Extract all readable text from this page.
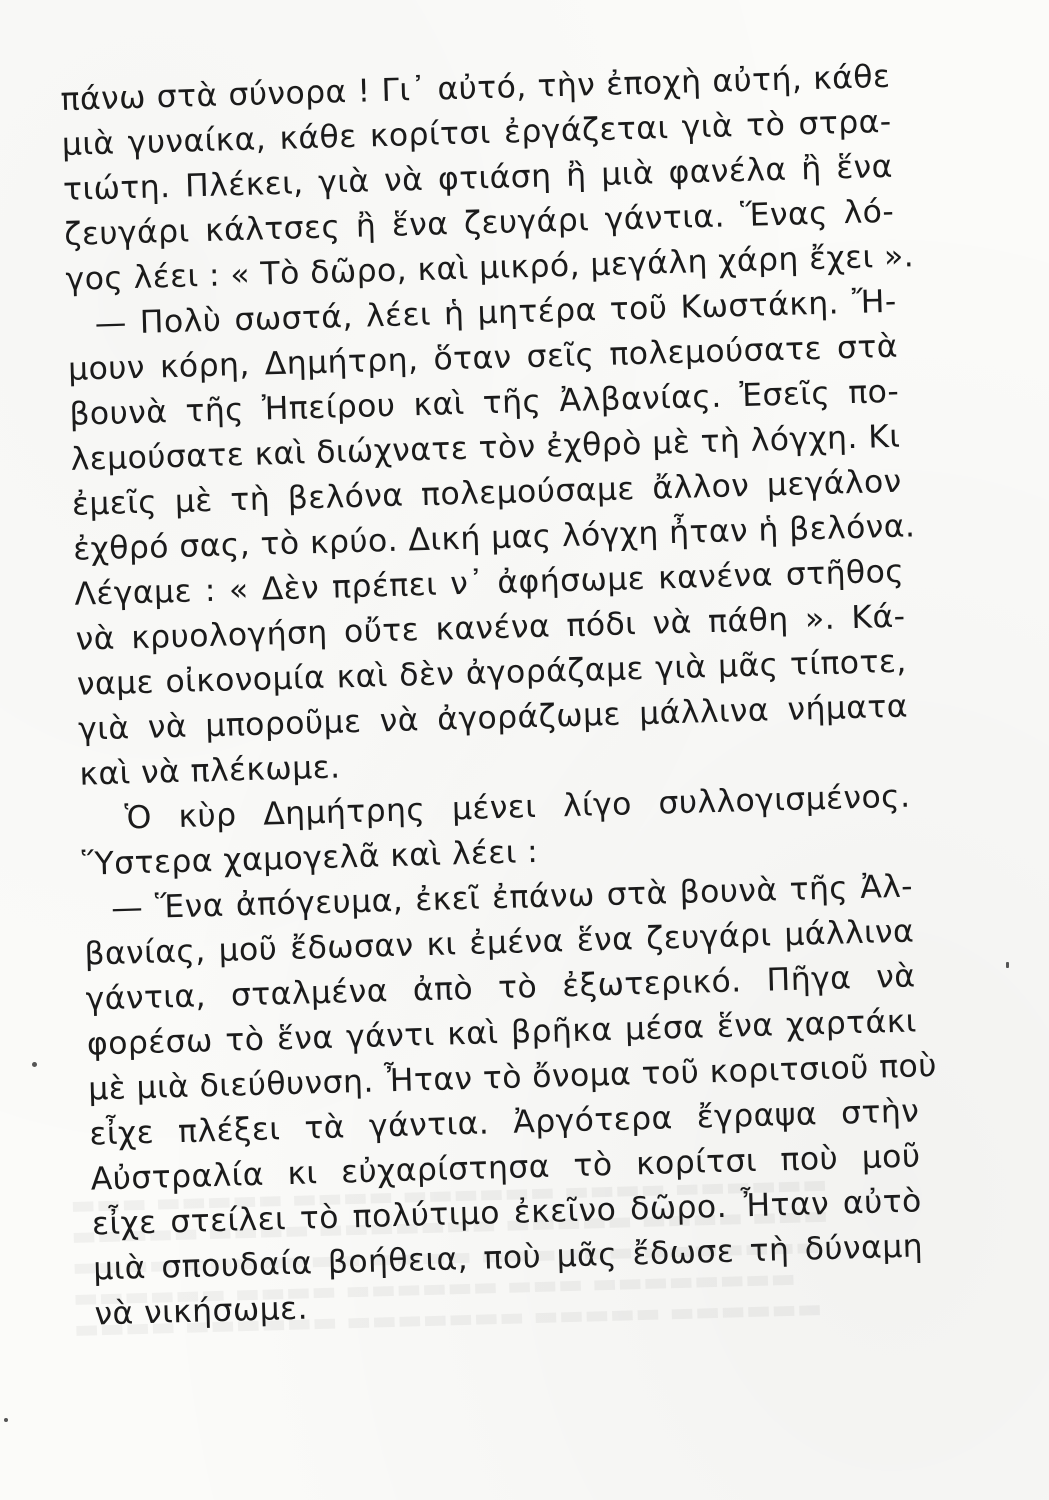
πάνω στὰ σύνορα ! Γι᾿ αὐτό, τὴν ἐποχὴ αὐτή, κάθε
μιὰ γυναίκα, κάθε κορίτσι ἐργάζεται γιὰ τὸ στρα-
τιώτη. Πλέκει, γιὰ νὰ φτιάση ἢ μιὰ φανέλα ἢ ἕνα
ζευγάρι κάλτσες ἢ ἕνα ζευγάρι γάντια. Ἕνας λό-
γος λέει : « Τὸ δῶρο, καὶ μικρό, μεγάλη χάρη ἔχει ».
— Πολὺ σωστά, λέει ἡ μητέρα τοῦ Κωστάκη. Ἤ-
μουν κόρη, Δημήτρη, ὅταν σεῖς πολεμούσατε στὰ
βουνὰ τῆς Ἠπείρου καὶ τῆς Ἀλβανίας. Ἐσεῖς πο-
λεμούσατε καὶ διώχνατε τὸν ἐχθρὸ μὲ τὴ λόγχη. Κι
ἐμεῖς μὲ τὴ βελόνα πολεμούσαμε ἄλλον μεγάλον
ἐχθρό σας, τὸ κρύο. Δική μας λόγχη ἦταν ἡ βελόνα.
Λέγαμε : « Δὲν πρέπει ν᾿ ἀφήσωμε κανένα στῆθος
νὰ κρυολογήση οὔτε κανένα πόδι νὰ πάθη ». Κά-
ναμε οἰκονομία καὶ δὲν ἀγοράζαμε γιὰ μᾶς τίποτε,
γιὰ νὰ μποροῦμε νὰ ἀγοράζωμε μάλλινα νήματα
καὶ νὰ πλέκωμε.
Ὁ κὺρ Δημήτρης μένει λίγο συλλογισμένος.
Ὕστερα χαμογελᾶ καὶ λέει :
— Ἕνα ἀπόγευμα, ἐκεῖ ἐπάνω στὰ βουνὰ τῆς Ἀλ-
βανίας, μοῦ ἔδωσαν κι ἐμένα ἕνα ζευγάρι μάλλινα
γάντια, σταλμένα ἀπὸ τὸ ἐξωτερικό. Πῆγα νὰ
φορέσω τὸ ἕνα γάντι καὶ βρῆκα μέσα ἕνα χαρτάκι
μὲ μιὰ διεύθυνση. Ἦταν τὸ ὄνομα τοῦ κοριτσιοῦ ποὺ
εἶχε πλέξει τὰ γάντια. Ἀργότερα ἔγραψα στὴν
Αὐστραλία κι εὐχαρίστησα τὸ κορίτσι ποὺ μοῦ
εἶχε στείλει τὸ πολύτιμο ἐκεῖνο δῶρο. Ἦταν αὐτὸ
μιὰ σπουδαία βοήθεια, ποὺ μᾶς ἔδωσε τὴ δύναμη
νὰ νικήσωμε.
